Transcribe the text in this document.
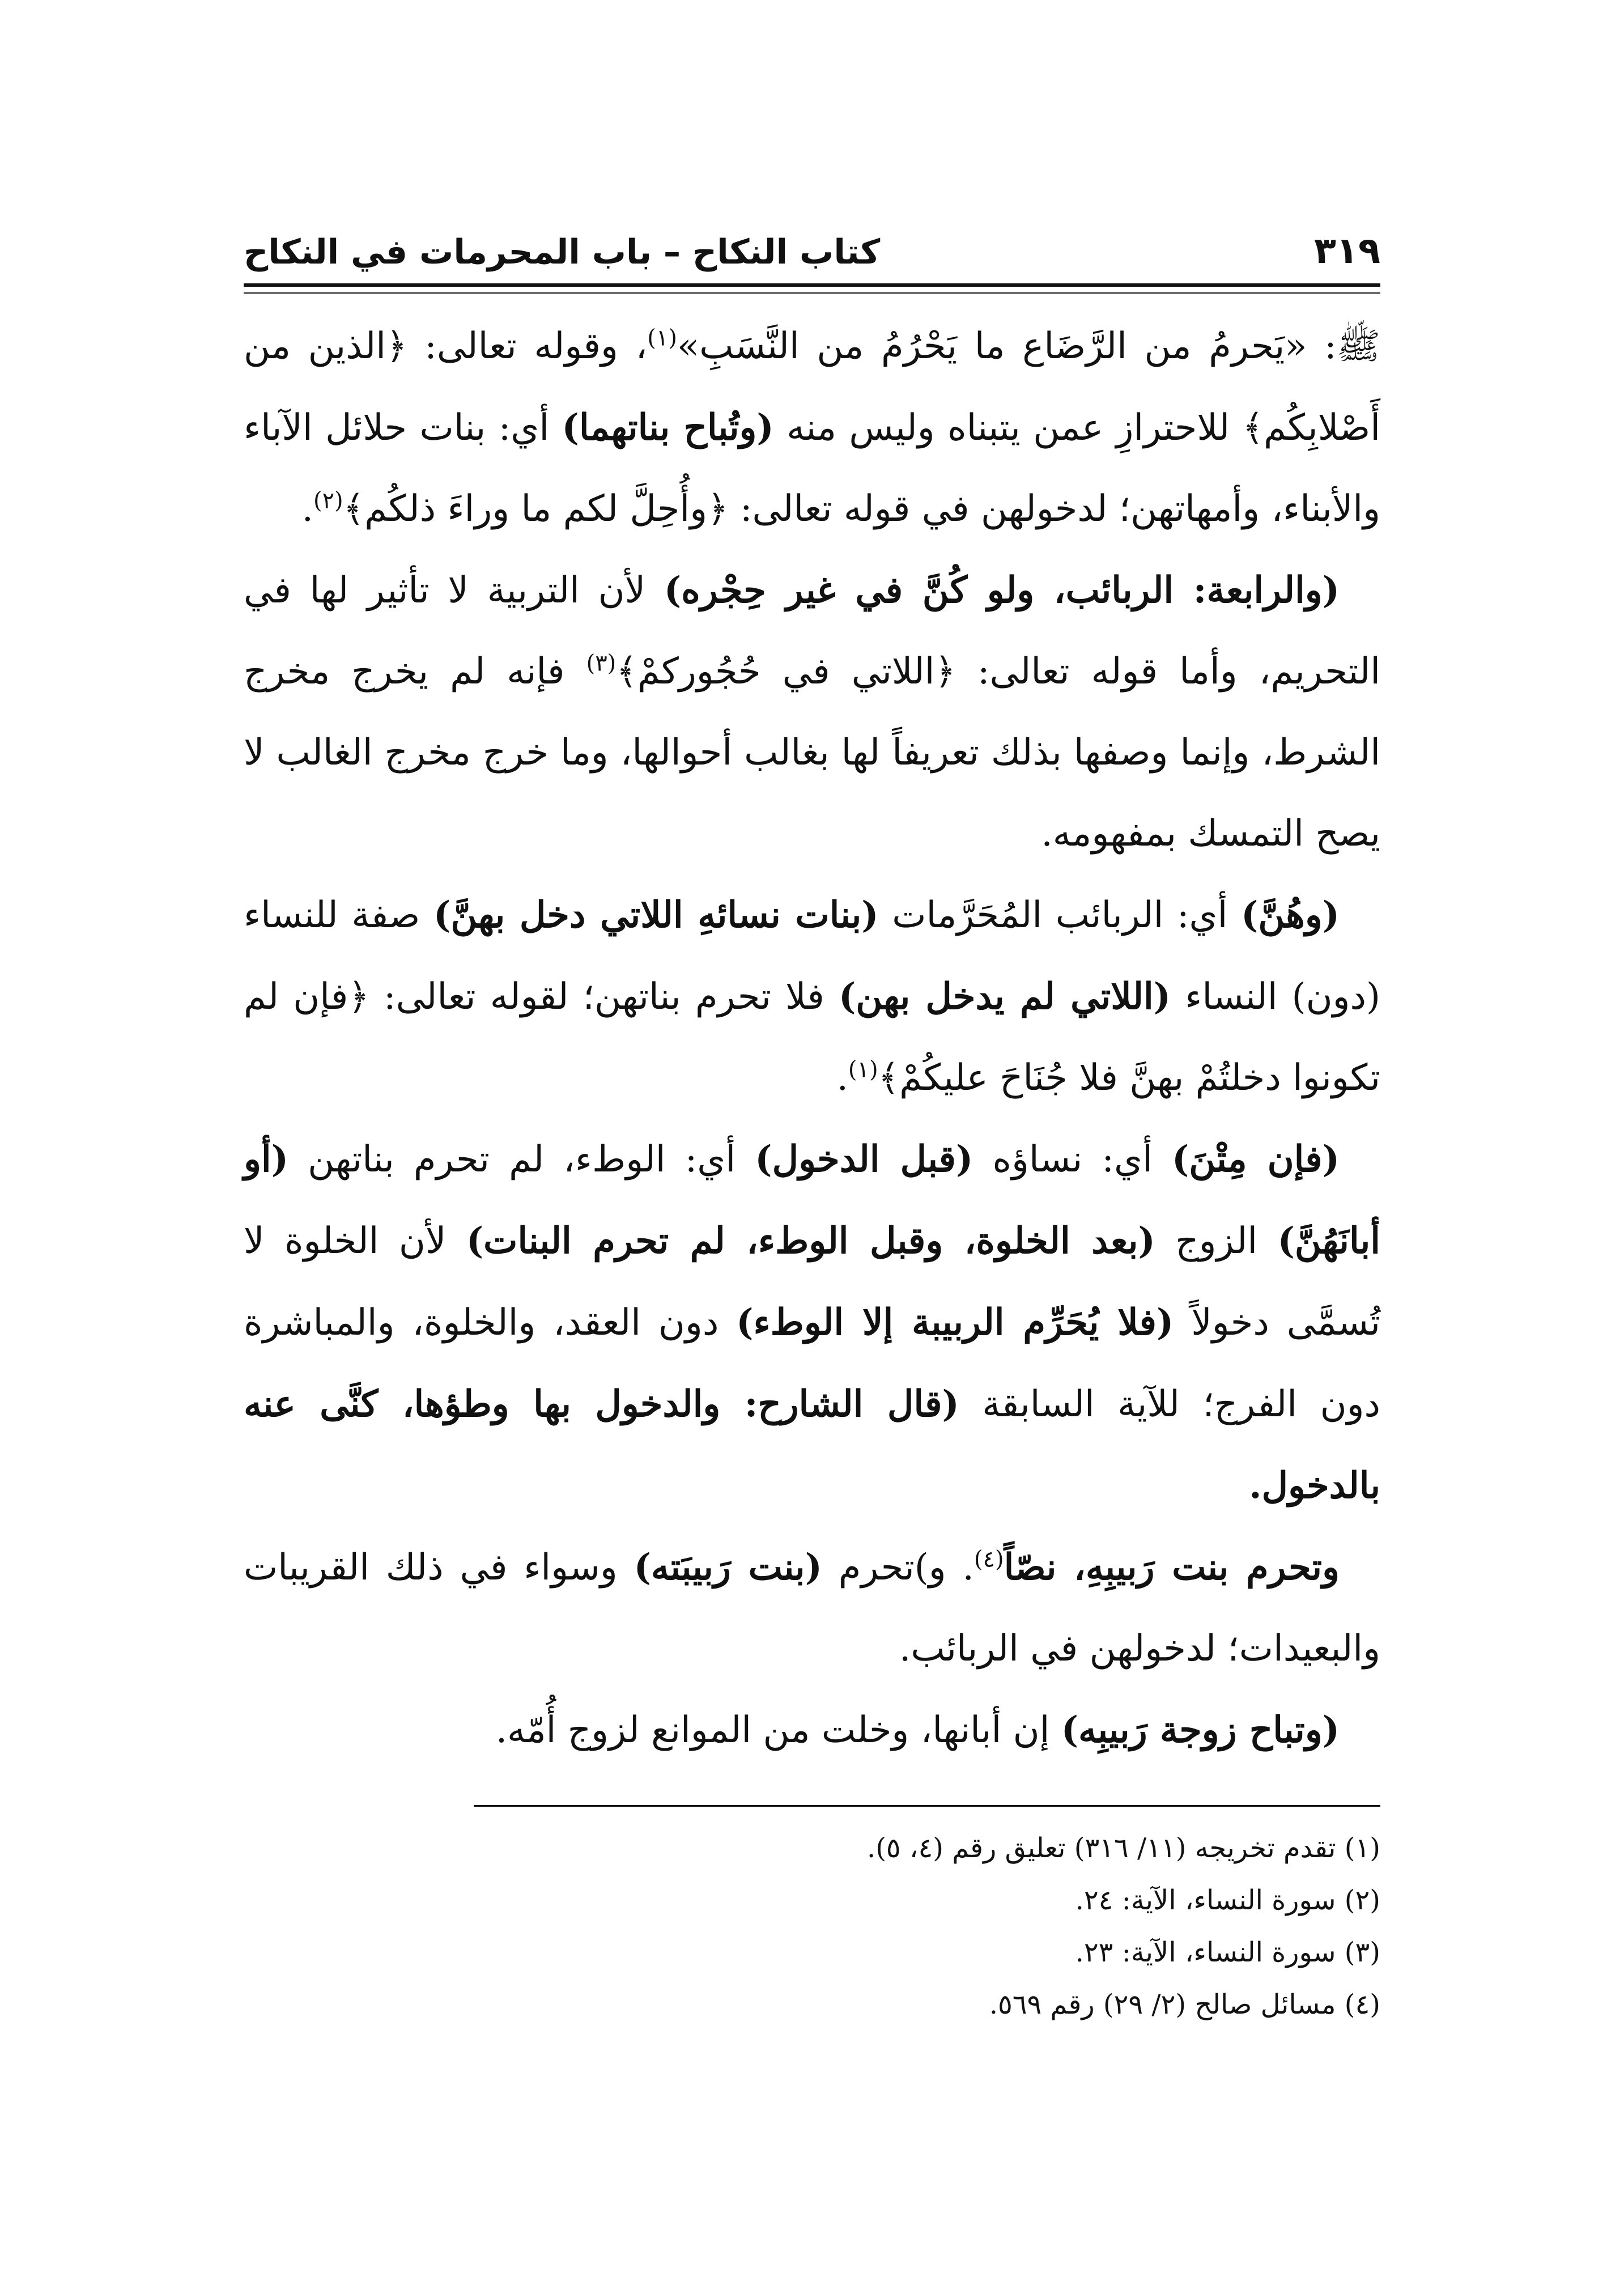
٣١٩
كتاب النكاح – باب المحرمات في النكاح

ﷺ: «يَحرمُ من الرَّضَاع ما يَحْرُمُ من النَّسَبِ»$^{(١)}$، وقوله تعالى: ﴿الذين من أَصْلابِكُم﴾ للاحترازِ عمن يتبناه وليس منه (وتُباح بناتهما) أي: بنات حلائل الآباء والأبناء، وأمهاتهن؛ لدخولهن في قوله تعالى: ﴿وأُحِلَّ لكم ما وراءَ ذلكُم﴾$^{(٢)}$.

(والرابعة: الربائب، ولو كُنَّ في غير حِجْره) لأن التربية لا تأثير لها في التحريم، وأما قوله تعالى: ﴿اللاتي في حُجُوركمْ﴾$^{(٣)}$ فإنه لم يخرج مخرج الشرط، وإنما وصفها بذلك تعريفاً لها بغالب أحوالها، وما خرج مخرج الغالب لا يصح التمسك بمفهومه.

(وهُنَّ) أي: الربائب المُحَرَّمات (بنات نسائهِ اللاتي دخل بهنَّ) صفة للنساء (دون) النساء (اللاتي لم يدخل بهن) فلا تحرم بناتهن؛ لقوله تعالى: ﴿فإن لم تكونوا دخلتُمْ بهنَّ فلا جُنَاحَ عليكُمْ﴾$^{(١)}$.

(فإن مِتْنَ) أي: نساؤه (قبل الدخول) أي: الوطء، لم تحرم بناتهن (أو أبانَهُنَّ) الزوج (بعد الخلوة، وقبل الوطء، لم تحرم البنات) لأن الخلوة لا تُسمَّى دخولاً (فلا يُحَرِّم الربيبة إلا الوطء) دون العقد، والخلوة، والمباشرة دون الفرج؛ للآية السابقة (قال الشارح: والدخول بها وطؤها، كنَّى عنه بالدخول.

وتحرم بنت رَبيبِهِ، نصّاً$^{(٤)}$. و)تحرم (بنت رَبيبَته) وسواء في ذلك القريبات والبعيدات؛ لدخولهن في الربائب.

(وتباح زوجة رَبيبِه) إن أبانها، وخلت من الموانع لزوج أُمّه.

(١) تقدم تخريجه (١١/ ٣١٦) تعليق رقم (٤، ٥).

(٢) سورة النساء، الآية: ٢٤.

(٣) سورة النساء، الآية: ٢٣.

(٤) مسائل صالح (٢/ ٢٩) رقم ٥٦٩.
